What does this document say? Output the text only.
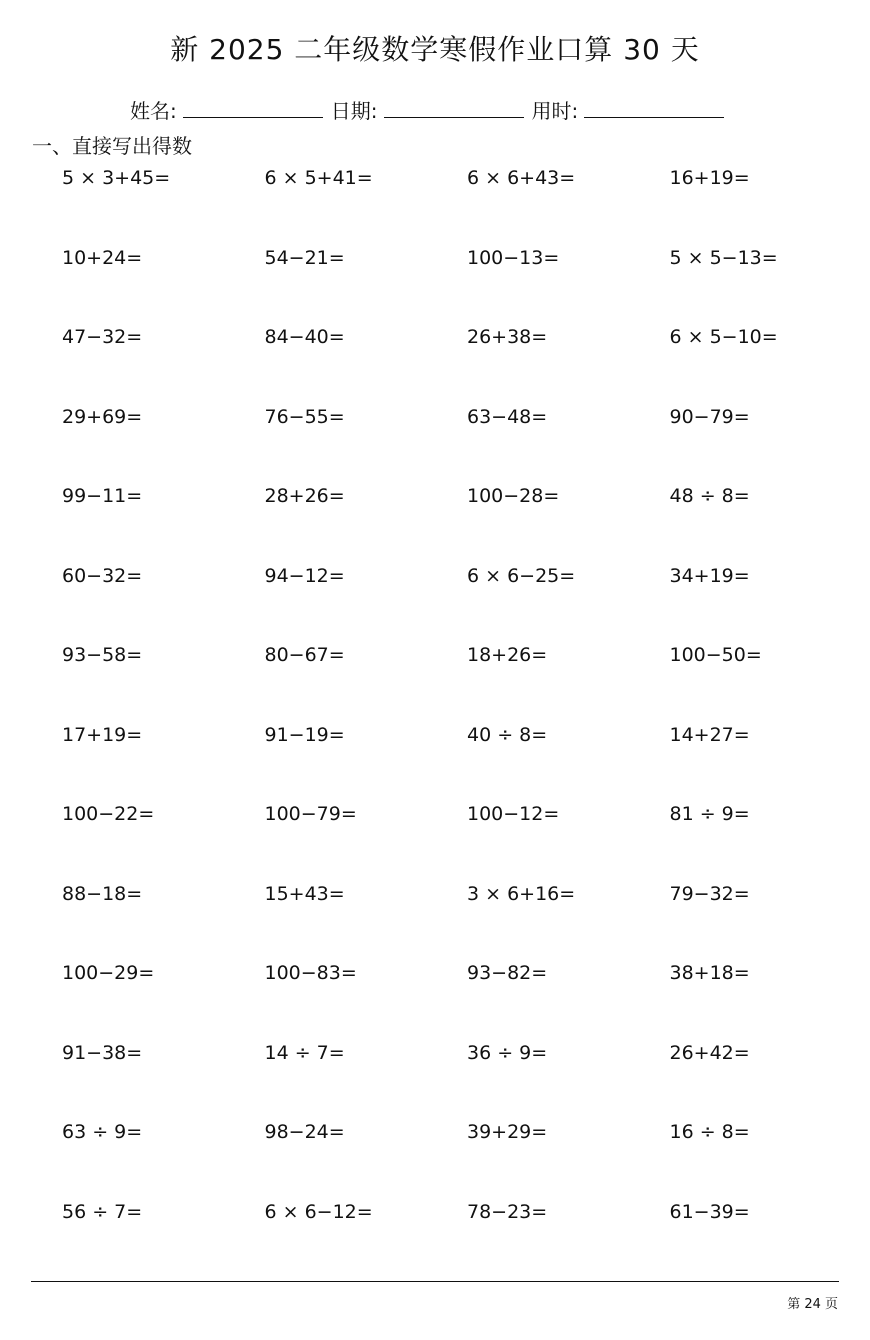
新 2025 二年级数学寒假作业口算 30 天
姓名:	日期:	用时:
一、直接写出得数
5 × 3+45=	6 × 5+41=	6 × 6+43=	16+19=
10+24=	54−21=	100−13=	5 × 5−13=
47−32=	84−40=	26+38=	6 × 5−10=
29+69=	76−55=	63−48=	90−79=
99−11=	28+26=	100−28=	48 ÷ 8=
60−32=	94−12=	6 × 6−25=	34+19=
93−58=	80−67=	18+26=	100−50=
17+19=	91−19=	40 ÷ 8=	14+27=
100−22=	100−79=	100−12=	81 ÷ 9=
88−18=	15+43=	3 × 6+16=	79−32=
100−29=	100−83=	93−82=	38+18=
91−38=	14 ÷ 7=	36 ÷ 9=	26+42=
63 ÷ 9=	98−24=	39+29=	16 ÷ 8=
56 ÷ 7=	6 × 6−12=	78−23=	61−39=
第 24 页
